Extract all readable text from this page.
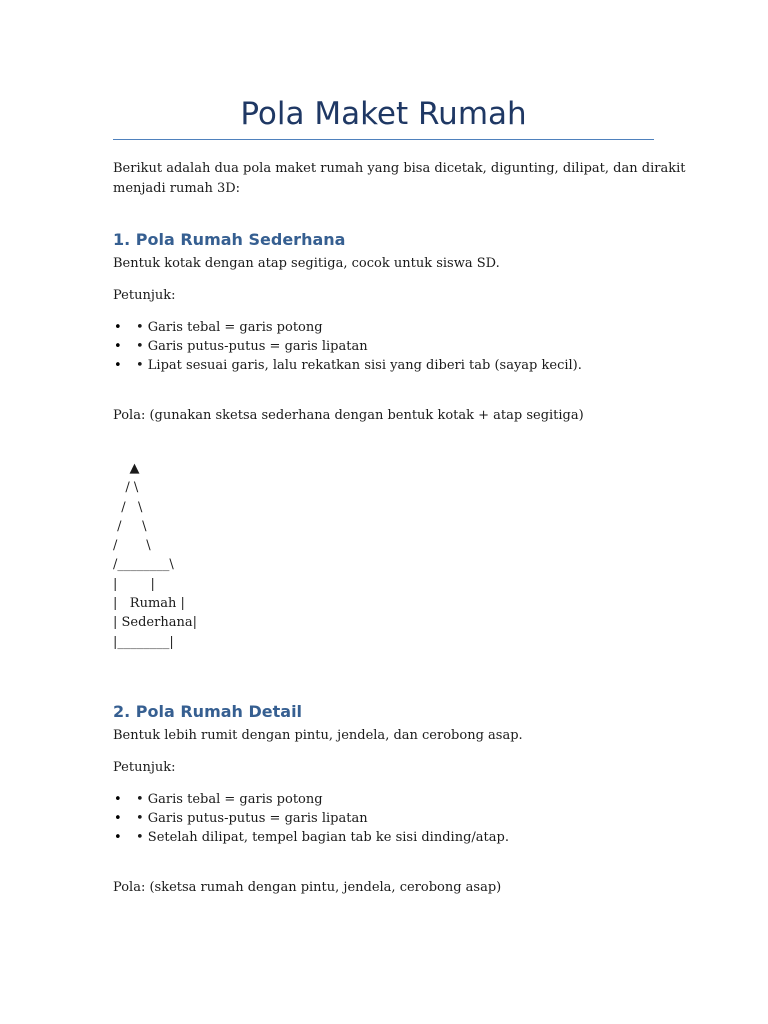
Pola Maket Rumah

Berikut adalah dua pola maket rumah yang bisa dicetak, digunting, dilipat, dan dirakit

menjadi rumah 3D:

1. Pola Rumah Sederhana

Bentuk kotak dengan atap segitiga, cocok untuk siswa SD.

Petunjuk:

• • Garis tebal = garis potong
• • Garis putus-putus = garis lipatan
• • Lipat sesuai garis, lalu rekatkan sisi yang diberi tab (sayap kecil).

Pola: (gunakan sketsa sederhana dengan bentuk kotak + atap segitiga)

▲
/ \
/   \
/     \
/       \
/________\
|        |
|   Rumah |
| Sederhana|
|________|
2. Pola Rumah Detail

Bentuk lebih rumit dengan pintu, jendela, dan cerobong asap.

Petunjuk:

• • Garis tebal = garis potong
• • Garis putus-putus = garis lipatan
• • Setelah dilipat, tempel bagian tab ke sisi dinding/atap.

Pola: (sketsa rumah dengan pintu, jendela, cerobong asap)
